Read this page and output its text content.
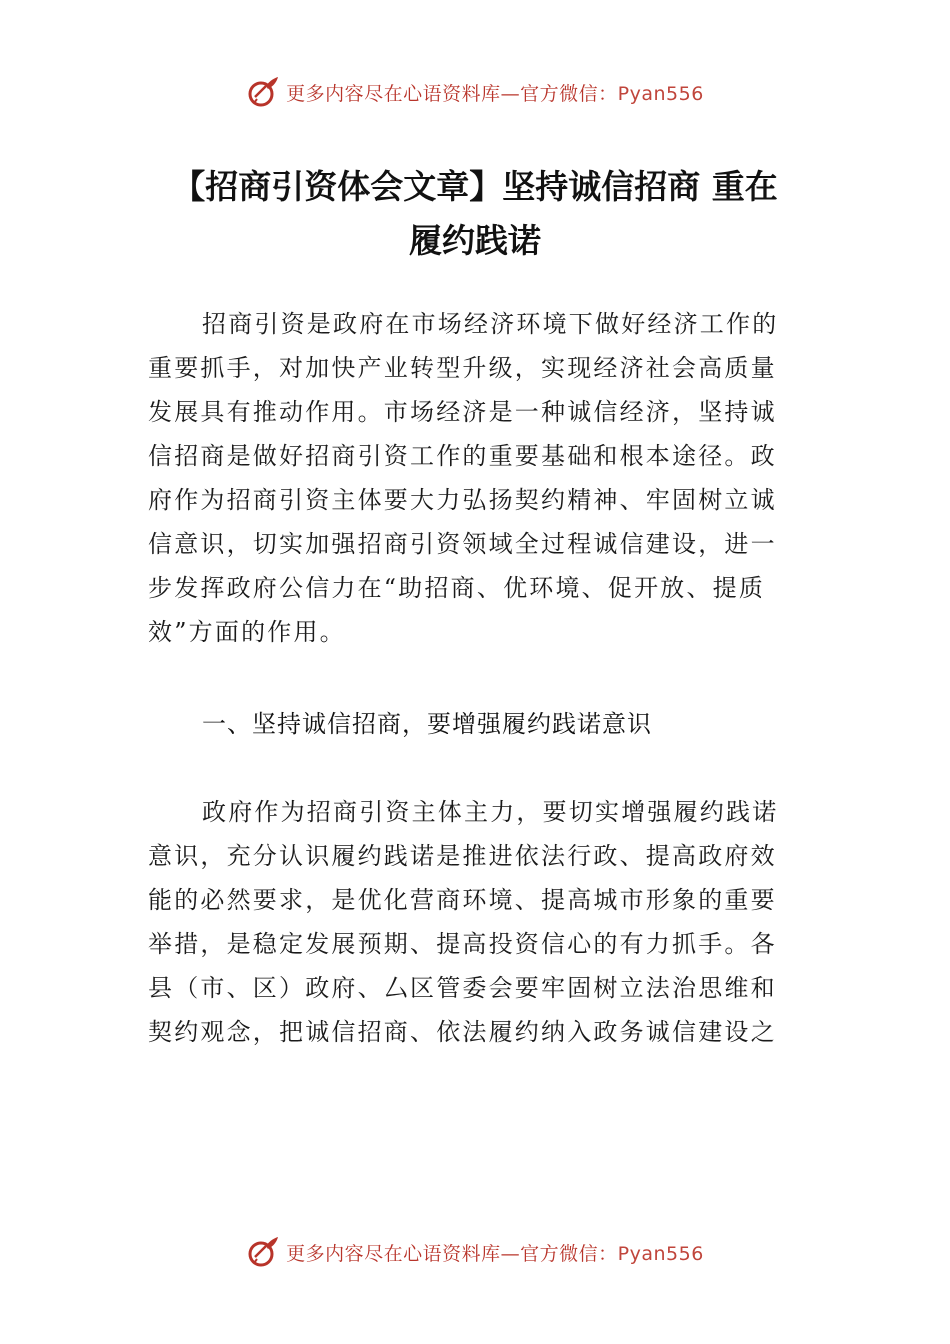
更多内容尽在心语资料库—官方微信：Pyan556
【招商引资体会文章】坚持诚信招商 重在
履约践诺
招商引资是政府在市场经济环境下做好经济工作的
重要抓手，对加快产业转型升级，实现经济社会高质量
发展具有推动作用。市场经济是一种诚信经济，坚持诚
信招商是做好招商引资工作的重要基础和根本途径。政
府作为招商引资主体要大力弘扬契约精神、牢固树立诚
信意识，切实加强招商引资领域全过程诚信建设，进一
步发挥政府公信力在“助招商、优环境、促开放、提质
效”方面的作用。
一、坚持诚信招商，要增强履约践诺意识
政府作为招商引资主体主力，要切实增强履约践诺
意识，充分认识履约践诺是推进依法行政、提高政府效
能的必然要求，是优化营商环境、提高城市形象的重要
举措，是稳定发展预期、提高投资信心的有力抓手。各
县（市、区）政府、厶区管委会要牢固树立法治思维和
契约观念，把诚信招商、依法履约纳入政务诚信建设之
更多内容尽在心语资料库—官方微信：Pyan556
